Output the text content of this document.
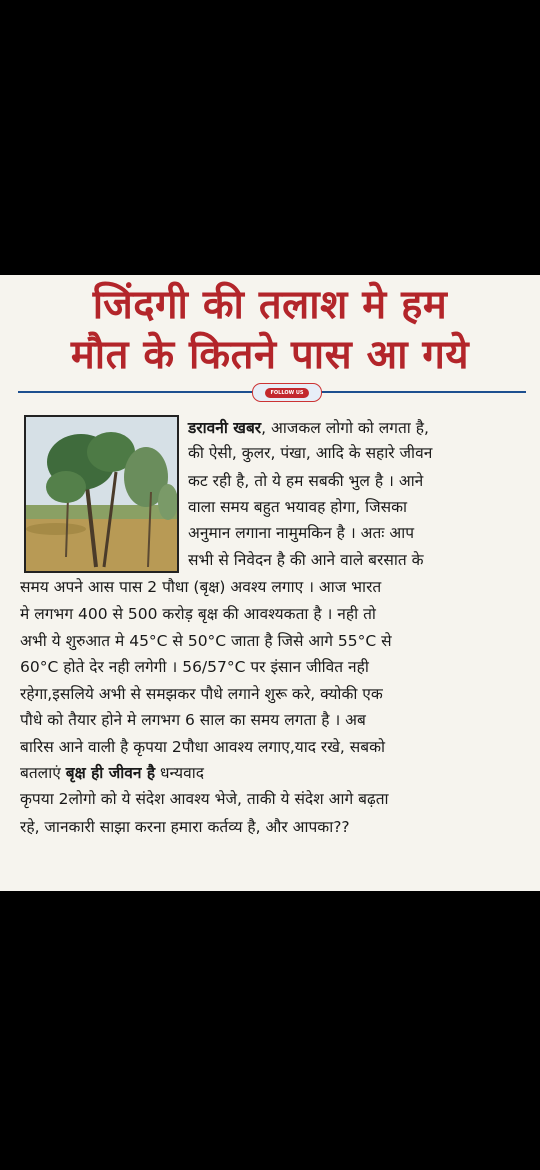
जिंदगी की तलाश मे हम
मौत के कितने पास आ गये
FOLLOW US
डरावनी खबर, आजकल लोगो को लगता है,
की ऐसी, कुलर, पंखा, आदि के सहारे जीवन
कट रही है, तो ये हम सबकी भुल है । आने
वाला समय बहुत भयावह होगा, जिसका
अनुमान लगाना नामुमकिन है । अतः आप
सभी से निवेदन है की आने वाले बरसात के
समय अपने आस पास 2 पौधा (बृक्ष) अवश्य लगाए । आज भारत
मे लगभग 400 से 500 करोड़ बृक्ष की आवश्यकता है । नही तो
अभी ये शुरुआत मे 45°C से 50°C जाता है जिसे आगे 55°C से
60°C होते देर नही लगेगी । 56/57°C पर इंसान जीवित नही
रहेगा,इसलिये अभी से समझकर पौधे लगाने शुरू करे, क्योकी एक
पौधे को तैयार होने मे लगभग 6 साल का समय लगता है । अब
बारिस आने वाली है कृपया 2पौधा आवश्य लगाए,याद रखे, सबको
बतलाएं बृक्ष ही जीवन है धन्यवाद
कृपया 2लोगो को ये संदेश आवश्य भेजे, ताकी ये संदेश आगे बढ़ता
रहे, जानकारी साझा करना हमारा कर्तव्य है, और आपका??
